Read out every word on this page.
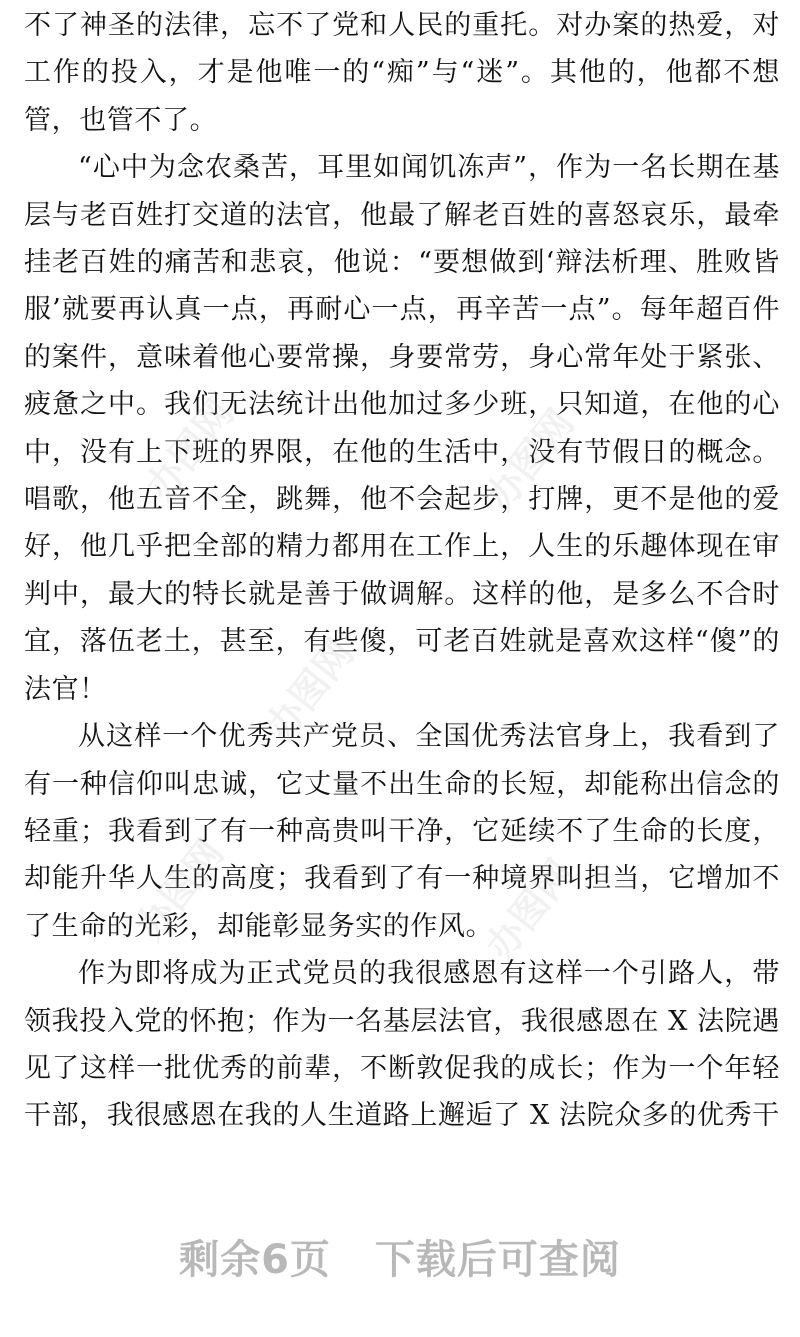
不了神圣的法律，忘不了党和人民的重托。对办案的热爱，对工作的投入，才是他唯一的“痴”与“迷”。其他的，他都不想管，也管不了。

“心中为念农桑苦，耳里如闻饥冻声”，作为一名长期在基层与老百姓打交道的法官，他最了解老百姓的喜怒哀乐，最牵挂老百姓的痛苦和悲哀，他说：“要想做到‘辩法析理、胜败皆服’就要再认真一点，再耐心一点，再辛苦一点”。每年超百件的案件，意味着他心要常操，身要常劳，身心常年处于紧张、疲惫之中。我们无法统计出他加过多少班，只知道，在他的心中，没有上下班的界限，在他的生活中，没有节假日的概念。唱歌，他五音不全，跳舞，他不会起步，打牌，更不是他的爱好，他几乎把全部的精力都用在工作上，人生的乐趣体现在审判中，最大的特长就是善于做调解。这样的他，是多么不合时宜，落伍老土，甚至，有些傻，可老百姓就是喜欢这样“傻”的法官！

从这样一个优秀共产党员、全国优秀法官身上，我看到了有一种信仰叫忠诚，它丈量不出生命的长短，却能称出信念的轻重；我看到了有一种高贵叫干净，它延续不了生命的长度，却能升华人生的高度；我看到了有一种境界叫担当，它增加不了生命的光彩，却能彰显务实的作风。

作为即将成为正式党员的我很感恩有这样一个引路人，带领我投入党的怀抱；作为一名基层法官，我很感恩在 X 法院遇见了这样一批优秀的前辈，不断敦促我的成长；作为一个年轻干部，我很感恩在我的人生道路上邂逅了 X 法院众多的优秀干

办图网	办图网
办图网
办图网	办图网
剩余6页 下载后可查阅
